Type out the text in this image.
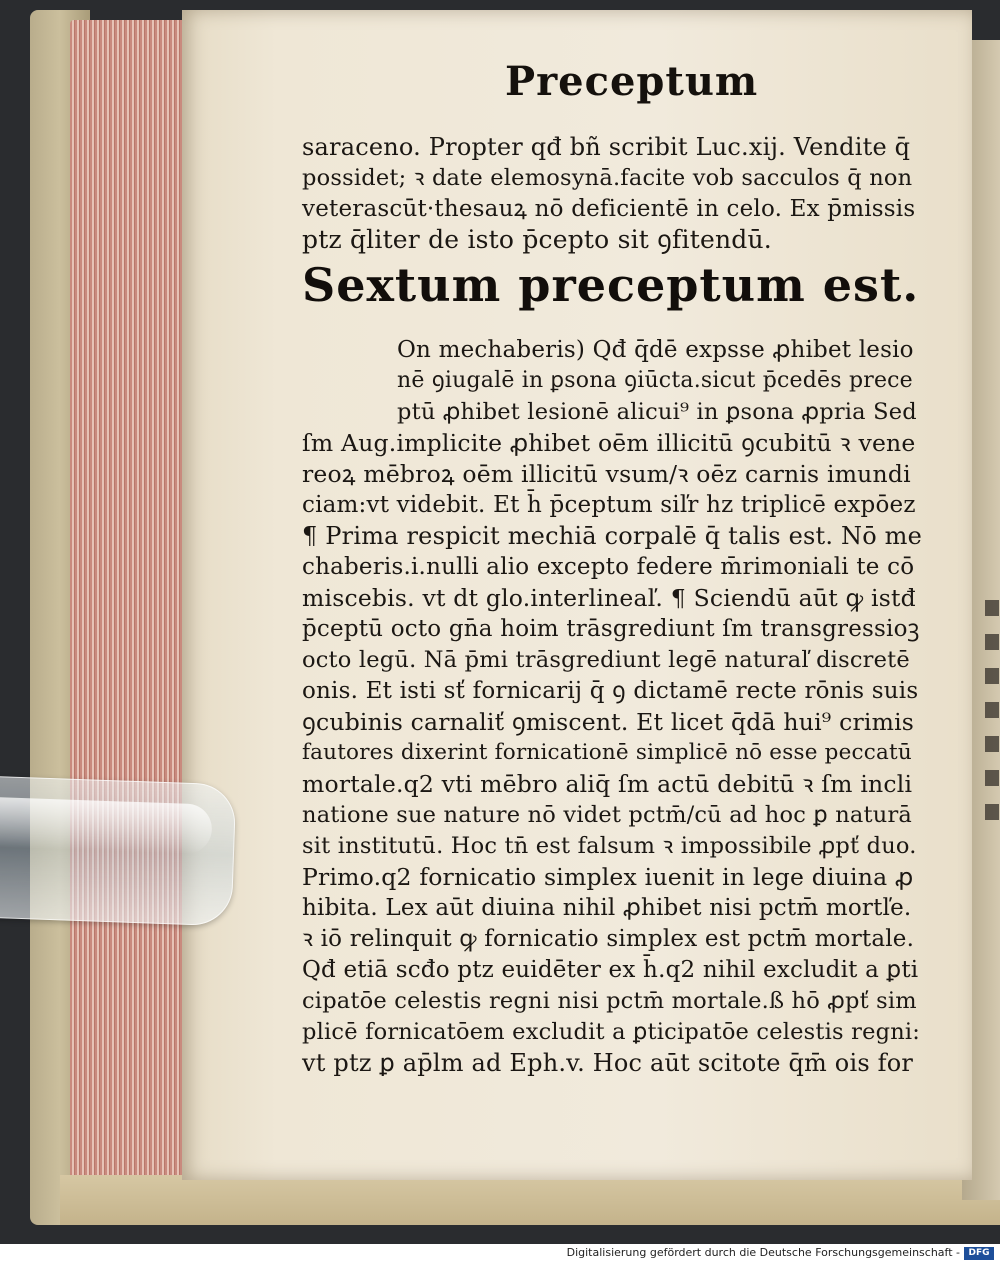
Preceptum
saraceno. Propter qđ bñ scribit Luc.xij. Vendite q̄
possidet; ꝛ date elemosynā.facite vob sacculos q̄ non
veterascūt·thesauꝝ nō deficientē in celo. Ex p̄missis
ptz q̄liter de isto p̄cepto sit ꝯfitendū.
Sextum preceptum est.
On mechaberis) Qđ q̄dē expsse ꝓhibet lesio
nē ꝯiugalē in ꝑsona ꝯiūcta.sicut p̄cedēs prece
ptū ꝓhibet lesionē alicui⁹ in ꝑsona ꝓpria Sed
ſm Aug.implicite ꝓhibet oēm illicitū ꝯcubitū ꝛ vene
reoꝝ mēbroꝝ oēm illicitū vsum/ꝛ oēz carnis imundi
ciam:vt videbit. Et h̄ p̄ceptum siľr hz triplicē expōez
¶ Prima respicit mechiā corpalē q̄ talis est. Nō me
chaberis.i.nulli alio excepto federe m̄rimoniali te cō
miscebis. vt dt glo.interlineaľ. ¶ Sciendū aūt ꝙ istđ
p̄ceptū octo gn̄a hoim trāsgrediunt ſm transgressioꝫ
octo legū. Nā p̄mi trāsgrediunt legē naturaľ discretē
onis. Et isti sť fornicarij q̄ ꝯ dictamē recte rōnis suis
ꝯcubinis carnaliť ꝯmiscent. Et licet q̄dā hui⁹ crimis
fautores dixerint fornicationē simplicē nō esse peccatū
mortale.q2 vti mēbro aliq̄ ſm actū debitū ꝛ ſm incli
natione sue nature nō videt pctm̄/cū ad hoc ꝑ naturā
sit institutū. Hoc tn̄ est falsum ꝛ impossibile ꝓpť duo.
Primo.q2 fornicatio simplex iuenit in lege diuina ꝓ
hibita. Lex aūt diuina nihil ꝓhibet nisi pctm̄ mortľe.
ꝛ iō relinquit ꝙ fornicatio simplex est pctm̄ mortale.
Qđ etiā scđo ptz euidēter ex h̄.q2 nihil excludit a ꝑti
cipatōe celestis regni nisi pctm̄ mortale.ß hō ꝓpť sim
plicē fornicatōem excludit a ꝑticipatōe celestis regni:
vt ptz ꝑ ap̄lm ad Eph.v. Hoc aūt scitote q̄m̄ ois for
Digitalisierung gefördert durch die Deutsche Forschungsgemeinschaft - DFG
